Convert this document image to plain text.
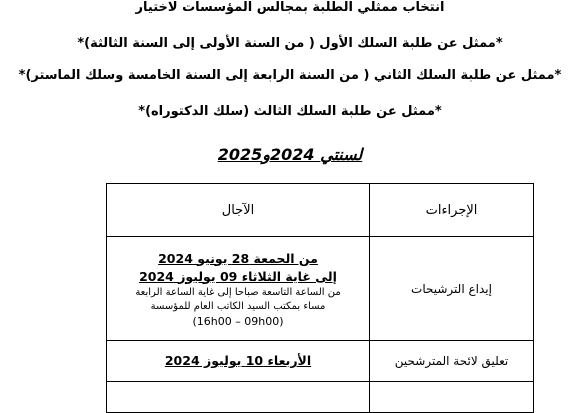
انتخاب ممثلي الطلبة بمجالس المؤسسات لاختيار
*ممثل عن طلبة السلك الأول ( من السنة الأولى إلى السنة الثالثة)*
*ممثل عن طلبة السلك الثاني ( من السنة الرابعة إلى السنة الخامسة وسلك الماستر)*
*ممثل عن طلبة السلك الثالث (سلك الدكتوراه)*
لسنتي 2024و2025
الإجراءات	الآجال
إيداع الترشيحات	من الجمعة 28 يونيو 2024
إلى غاية الثلاثاء 09 يوليوز 2024
من الساعة التاسعة صباحا إلى غاية الساعة الرابعة
مساء بمكتب السيد الكاتب العام للمؤسسة
(16h00 – 09h00)

تعليق لائحة المترشحين	الأربعاء 10 يوليوز 2024
